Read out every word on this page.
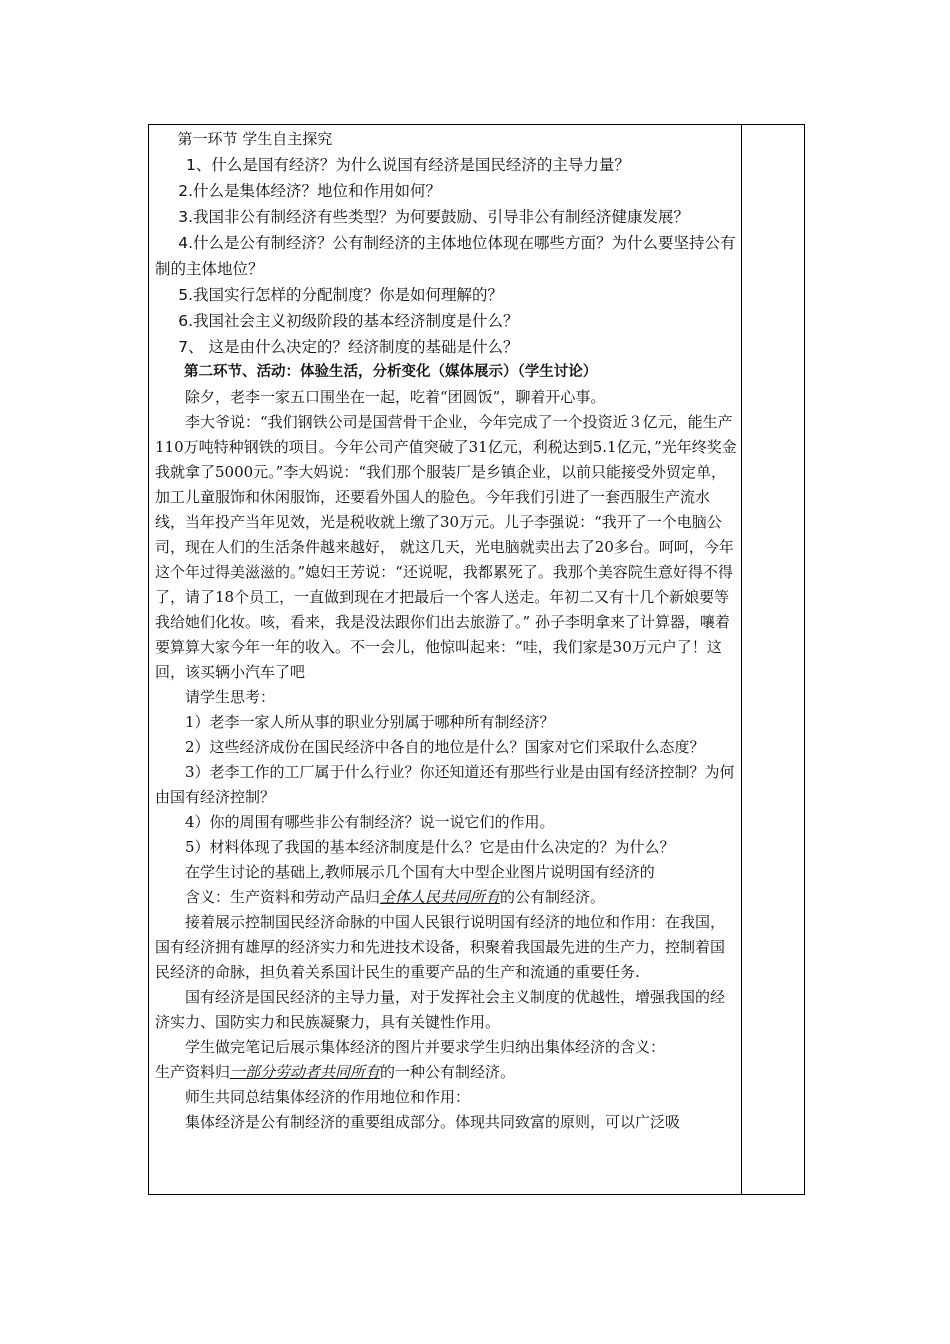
第一环节 学生自主探究

1、什么是国有经济？为什么说国有经济是国民经济的主导力量？

2.什么是集体经济？地位和作用如何？

3.我国非公有制经济有些类型？为何要鼓励、引导非公有制经济健康发展？

4.什么是公有制经济？公有制经济的主体地位体现在哪些方面？为什么要坚持公有制的主体地位？

5.我国实行怎样的分配制度？你是如何理解的？

6.我国社会主义初级阶段的基本经济制度是什么？

7、 这是由什么决定的？经济制度的基础是什么？

第二环节、活动：体验生活，分析变化（媒体展示）（学生讨论）

除夕，老李一家五口围坐在一起，吃着“团圆饭”，聊着开心事。

李大爷说：“我们钢铁公司是国营骨干企业，今年完成了一个投资近３亿元，能生产110万吨特种钢铁的项目。今年公司产值突破了31亿元，利税达到5.1亿元，”光年终奖金我就拿了5000元。”李大妈说：“我们那个服装厂是乡镇企业，以前只能接受外贸定单，加工儿童服饰和休闲服饰，还要看外国人的脸色。今年我们引进了一套西服生产流水线，当年投产当年见效，光是税收就上缴了30万元。儿子李强说：“我开了一个电脑公司，现在人们的生活条件越来越好， 就这几天，光电脑就卖出去了20多台。呵呵，今年这个年过得美滋滋的。”媳妇王芳说：“还说呢，我都累死了。我那个美容院生意好得不得了，请了18个员工，一直做到现在才把最后一个客人送走。年初二又有十几个新娘要等我给她们化妆。咳，看来，我是没法跟你们出去旅游了。” 孙子李明拿来了计算器，嚷着要算算大家今年一年的收入。不一会儿，他惊叫起来：“哇，我们家是30万元户了！这回，该买辆小汽车了吧

请学生思考：

1）老李一家人所从事的职业分别属于哪种所有制经济？

2）这些经济成份在国民经济中各自的地位是什么？国家对它们采取什么态度？

3）老李工作的工厂属于什么行业？你还知道还有那些行业是由国有经济控制？为何由国有经济控制？

4）你的周围有哪些非公有制经济？说一说它们的作用。

5）材料体现了我国的基本经济制度是什么？它是由什么决定的？为什么？

在学生讨论的基础上,教师展示几个国有大中型企业图片说明国有经济的

含义：生产资料和劳动产品归全体人民共同所有的公有制经济。

接着展示控制国民经济命脉的中国人民银行说明国有经济的地位和作用：在我国，国有经济拥有雄厚的经济实力和先进技术设备，积聚着我国最先进的生产力，控制着国民经济的命脉，担负着关系国计民生的重要产品的生产和流通的重要任务.

国有经济是国民经济的主导力量，对于发挥社会主义制度的优越性，增强我国的经济实力、国防实力和民族凝聚力，具有关键性作用。

学生做完笔记后展示集体经济的图片并要求学生归纳出集体经济的含义：

生产资料归一部分劳动者共同所有的一种公有制经济。

师生共同总结集体经济的作用地位和作用：

集体经济是公有制经济的重要组成部分。体现共同致富的原则，可以广泛吸
